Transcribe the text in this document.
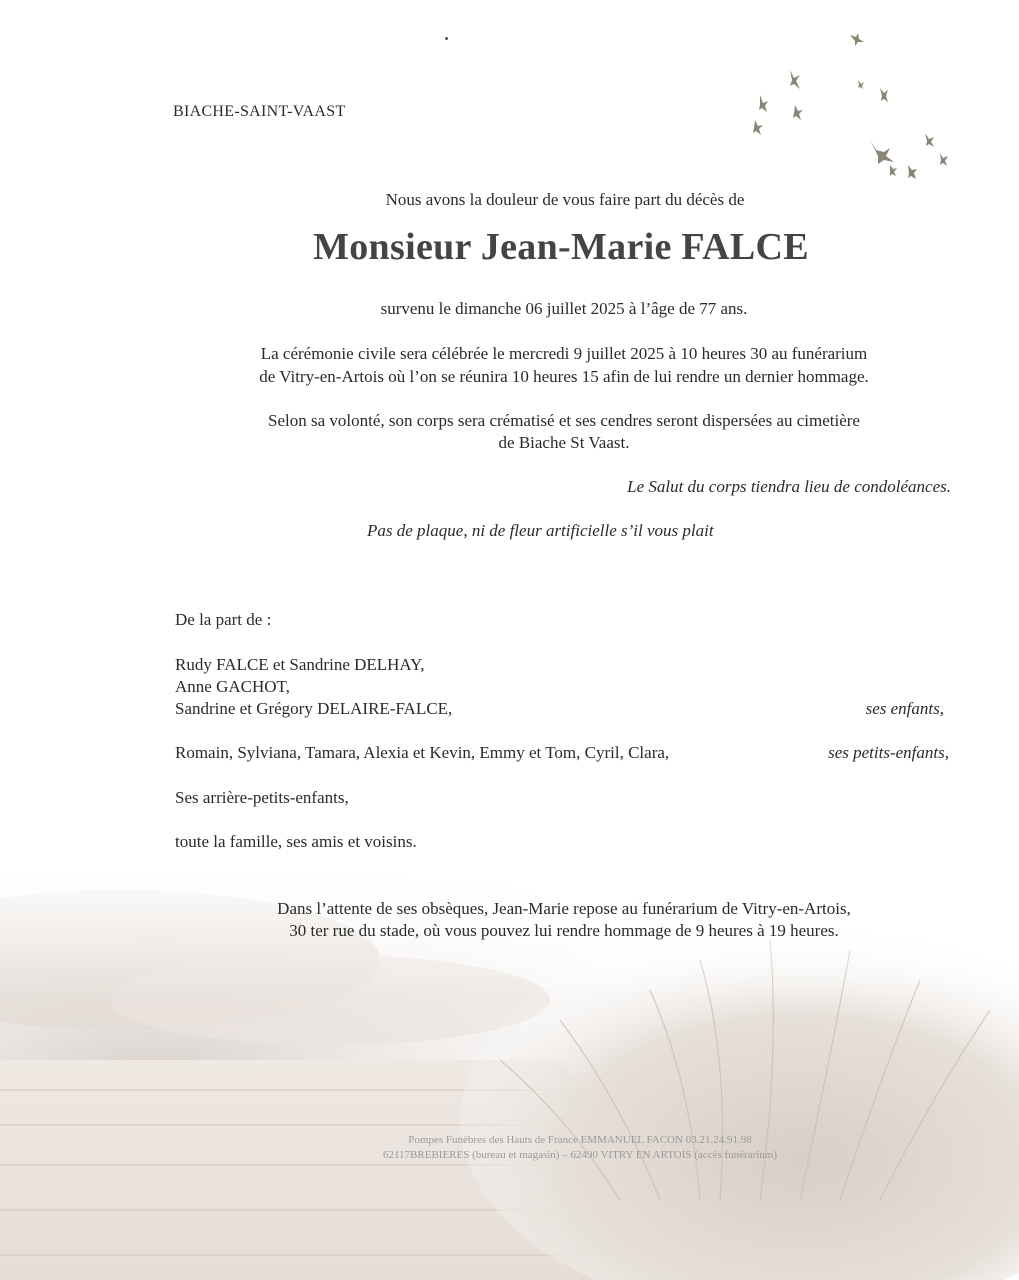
BIACHE-SAINT-VAAST
Nous avons la douleur de vous faire part du décès de
Monsieur Jean-Marie FALCE
survenu le dimanche 06 juillet 2025 à l’âge de 77 ans.
La cérémonie civile sera célébrée le mercredi 9 juillet 2025 à 10 heures 30 au funérarium
de Vitry-en-Artois où l’on se réunira 10 heures 15 afin de lui rendre un dernier hommage.
Selon sa volonté, son corps sera crématisé et ses cendres seront dispersées au cimetière
de Biache St Vaast.
Le Salut du corps tiendra lieu de condoléances.
Pas de plaque, ni de fleur artificielle s’il vous plait
De la part de :
Rudy FALCE et Sandrine DELHAY,
Anne GACHOT,
Sandrine et Grégory DELAIRE-FALCE,	ses enfants,
Romain, Sylviana, Tamara, Alexia et Kevin, Emmy et Tom, Cyril, Clara,	ses petits-enfants,
Ses arrière-petits-enfants,
toute la famille, ses amis et voisins.
Dans l’attente de ses obsèques, Jean-Marie repose au funérarium de Vitry-en-Artois,
30 ter rue du stade, où vous pouvez lui rendre hommage de 9 heures à 19 heures.
Pompes Funèbres des Hauts de France EMMANUEL FACON 03.21.24.91.98
62117BREBIERES (bureau et magasin) – 62490 VITRY EN ARTOIS (accès funérarium)
